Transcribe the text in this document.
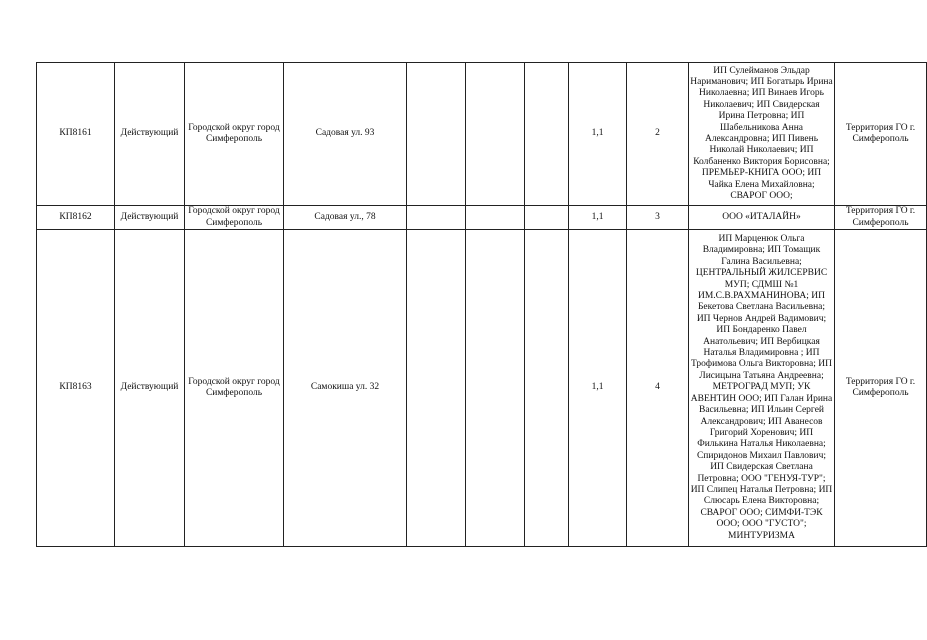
КП8161	Действующий	Городской округ город Симферополь	Садовая ул. 93				1,1	2	ИП Сулейманов Эльдар Нариманович; ИП Богатырь Ирина Николаевна; ИП Винаев Игорь Николаевич; ИП Свидерская Ирина Петровна; ИП Шабельникова Анна Александровна; ИП Пивень Николай Николаевич; ИП Колбаненко Виктория Борисовна; ПРЕМЬЕР-КНИГА ООО; ИП Чайка Елена Михайловна; СВАРОГ ООО;	Территория ГО г. Симферополь
КП8162	Действующий	Городской округ город Симферополь	Садовая ул., 78				1,1	3	ООО «ИТАЛАЙН»	Территория ГО г. Симферополь
КП8163	Действующий	Городской округ город Симферополь	Самокиша ул. 32				1,1	4	ИП Марценюк Ольга Владимировна; ИП Томащик Галина Васильевна; ЦЕНТРАЛЬНЫЙ ЖИЛСЕРВИС МУП; СДМШ №1 ИМ.С.В.РАХМАНИНОВА; ИП Бекетова Светлана Васильевна; ИП Чернов Андрей Вадимович; ИП Бондаренко Павел Анатольевич; ИП Вербицкая Наталья Владимировна ; ИП Трофимова Ольга Викторовна; ИП Лисицына Татьяна Андреевна; МЕТРОГРАД МУП; УК АВЕНТИН ООО; ИП Галан Ирина Васильевна; ИП Ильин Сергей Александрович; ИП Аванесов Григорий Хоренович; ИП Филькина Наталья Николаевна; Спиридонов Михаил Павлович; ИП Свидерская Светлана Петровна; ООО "ГЕНУЯ-ТУР"; ИП Слипец Наталья Петровна; ИП Слюсарь Елена Викторовна; СВАРОГ ООО; СИМФИ-ТЭК ООО; ООО "ГУСТО"; МИНТУРИЗМА	Территория ГО г. Симферополь
